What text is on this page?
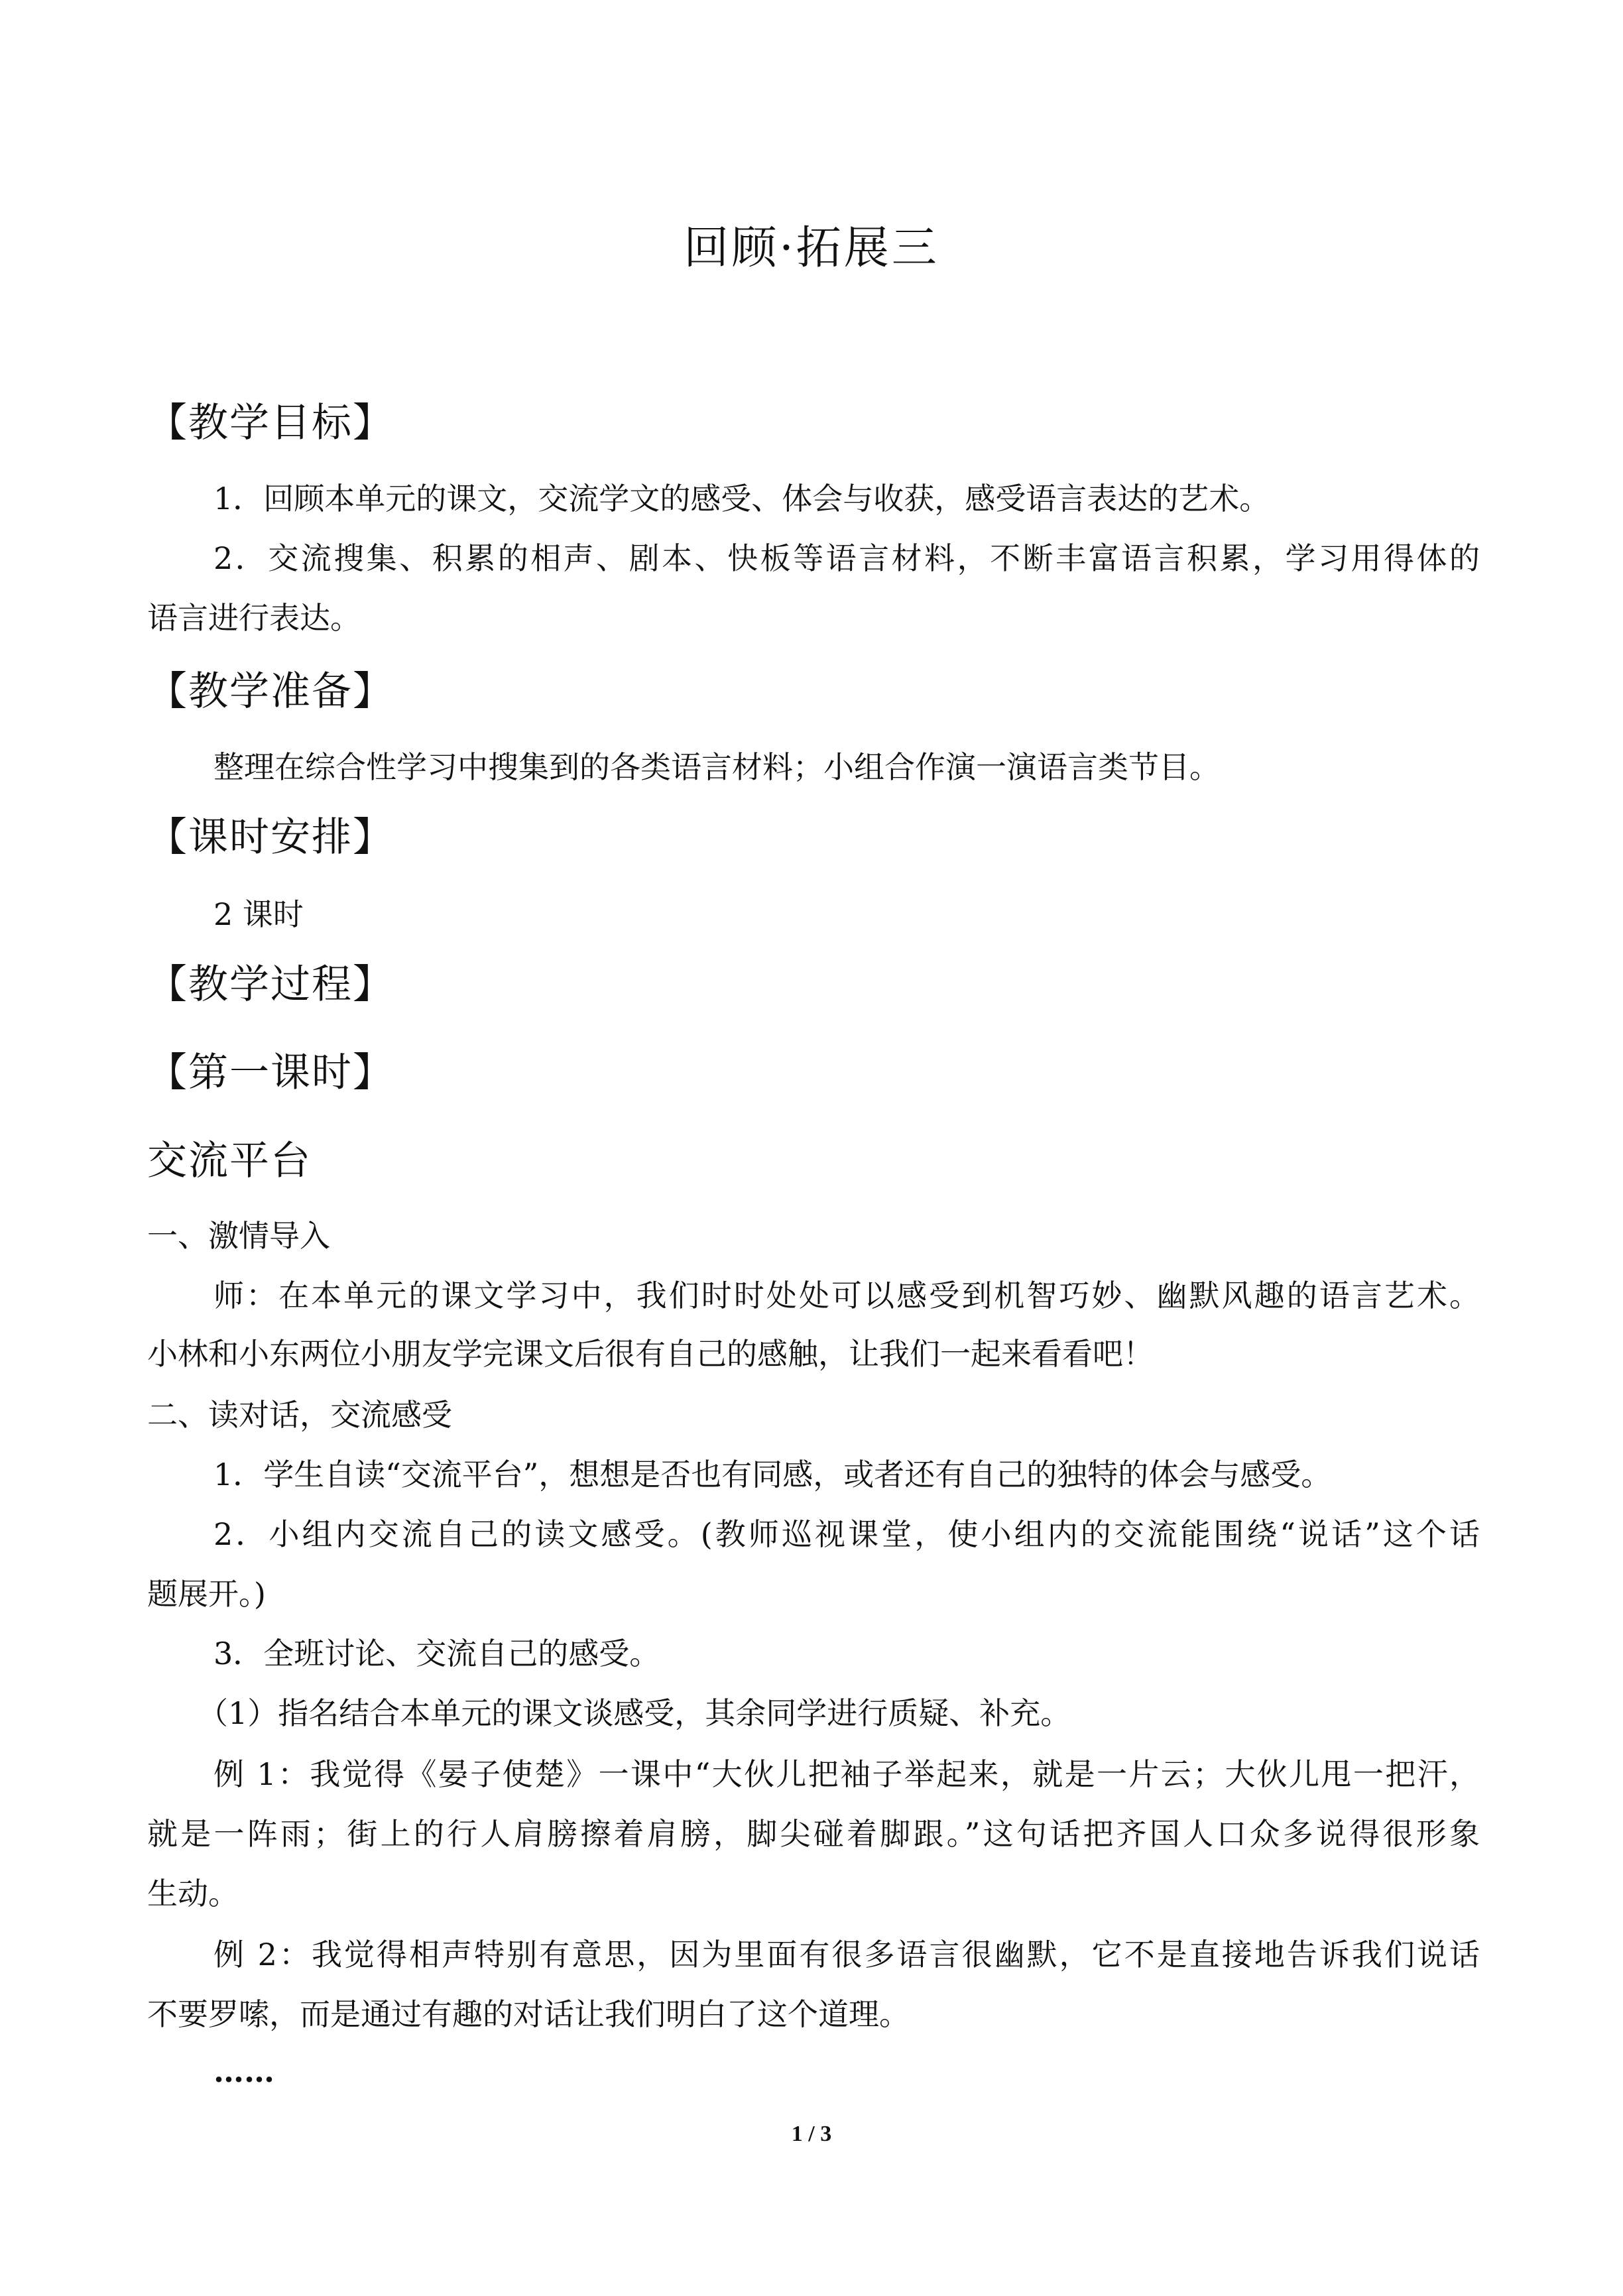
回顾·拓展三
【教学目标】
1．回顾本单元的课文，交流学文的感受、体会与收获，感受语言表达的艺术。
2．交流搜集、积累的相声、剧本、快板等语言材料，不断丰富语言积累，学习用得体的
语言进行表达。
【教学准备】
整理在综合性学习中搜集到的各类语言材料；小组合作演一演语言类节目。
【课时安排】
2 课时
【教学过程】
【第一课时】
交流平台
一、激情导入
师：在本单元的课文学习中，我们时时处处可以感受到机智巧妙、幽默风趣的语言艺术。
小林和小东两位小朋友学完课文后很有自己的感触，让我们一起来看看吧！
二、读对话，交流感受
1．学生自读“交流平台”，想想是否也有同感，或者还有自己的独特的体会与感受。
2．小组内交流自己的读文感受。(教师巡视课堂，使小组内的交流能围绕“说话”这个话
题展开。)
3．全班讨论、交流自己的感受。
（1）指名结合本单元的课文谈感受，其余同学进行质疑、补充。
例 1：我觉得《晏子使楚》一课中“大伙儿把袖子举起来，就是一片云；大伙儿甩一把汗，
就是一阵雨；街上的行人肩膀擦着肩膀，脚尖碰着脚跟。”这句话把齐国人口众多说得很形象
生动。
例 2：我觉得相声特别有意思，因为里面有很多语言很幽默，它不是直接地告诉我们说话
不要罗嗦，而是通过有趣的对话让我们明白了这个道理。
……
1 / 3
